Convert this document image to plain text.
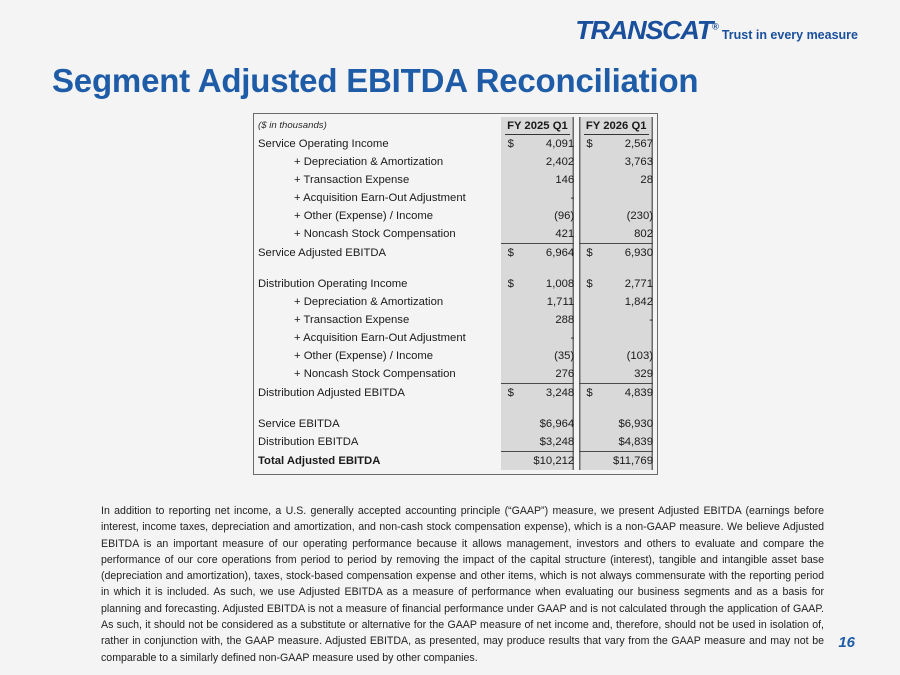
TRANSCAT®
Trust in every measure
Segment Adjusted EBITDA Reconciliation
($ in thousands)	FY 2025 Q1		FY 2026 Q1
Service Operating Income	$ 4,091		$ 2,567
+ Depreciation & Amortization	2,402		3,763
+ Transaction Expense	146		28
+ Acquisition Earn-Out Adjustment	-		
+ Other (Expense) / Income	(96)		(230)
+ Noncash Stock Compensation	421		802
Service Adjusted EBITDA	$ 6,964		$ 6,930

Distribution Operating Income	$ 1,008		$ 2,771
+ Depreciation & Amortization	1,711		1,842
+ Transaction Expense	288		-
+ Acquisition Earn-Out Adjustment	-		
+ Other (Expense) / Income	(35)		(103)
+ Noncash Stock Compensation	276		329
Distribution Adjusted EBITDA	$ 3,248		$ 4,839

Service EBITDA	$6,964		$6,930
Distribution EBITDA	$3,248		$4,839
Total Adjusted EBITDA	$10,212		$11,769
In addition to reporting net income, a U.S. generally accepted accounting principle (“GAAP”) measure, we present Adjusted EBITDA (earnings before interest, income taxes, depreciation and amortization, and non-cash stock compensation expense), which is a non-GAAP measure. We believe Adjusted EBITDA is an important measure of our operating performance because it allows management, investors and others to evaluate and compare the performance of our core operations from period to period by removing the impact of the capital structure (interest), tangible and intangible asset base (depreciation and amortization), taxes, stock-based compensation expense and other items, which is not always commensurate with the reporting period in which it is included. As such, we use Adjusted EBITDA as a measure of performance when evaluating our business segments and as a basis for planning and forecasting. Adjusted EBITDA is not a measure of financial performance under GAAP and is not calculated through the application of GAAP. As such, it should not be considered as a substitute or alternative for the GAAP measure of net income and, therefore, should not be used in isolation of, rather in conjunction with, the GAAP measure. Adjusted EBITDA, as presented, may produce results that vary from the GAAP measure and may not be comparable to a similarly defined non-GAAP measure used by other companies.
16
